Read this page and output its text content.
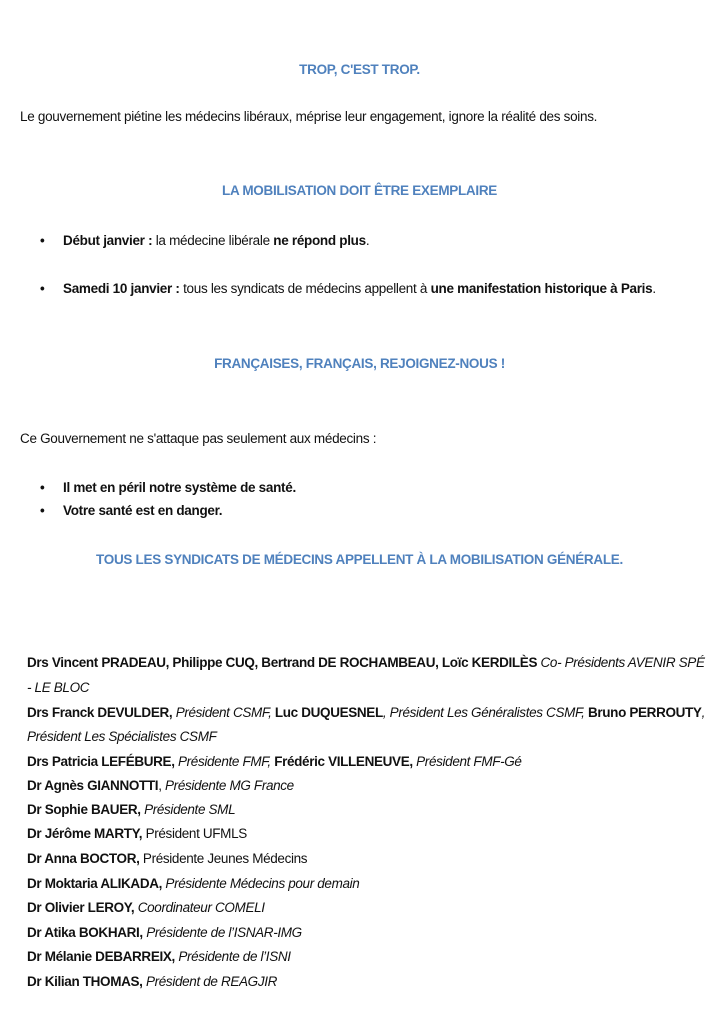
TROP, C'EST TROP.
Le gouvernement piétine les médecins libéraux, méprise leur engagement, ignore la réalité des soins.
LA MOBILISATION DOIT ÊTRE EXEMPLAIRE
• Début janvier : la médecine libérale ne répond plus.
• Samedi 10 janvier : tous les syndicats de médecins appellent à une manifestation historique à Paris.
FRANÇAISES, FRANÇAIS, REJOIGNEZ-NOUS !
Ce Gouvernement ne s'attaque pas seulement aux médecins :
• Il met en péril notre système de santé.
• Votre santé est en danger.
TOUS LES SYNDICATS DE MÉDECINS APPELLENT À LA MOBILISATION GÉNÉRALE.
Drs Vincent PRADEAU, Philippe CUQ, Bertrand DE ROCHAMBEAU, Loïc KERDILÈS Co- Présidents AVENIR SPÉ
- LE BLOC
Drs Franck DEVULDER, Président CSMF, Luc DUQUESNEL, Président Les Généralistes CSMF, Bruno PERROUTY,
Président Les Spécialistes CSMF
Drs Patricia LEFÉBURE, Présidente FMF, Frédéric VILLENEUVE, Président FMF-Gé
Dr Agnès GIANNOTTI, Présidente MG France
Dr Sophie BAUER, Présidente SML
Dr Jérôme MARTY, Président UFMLS
Dr Anna BOCTOR, Présidente Jeunes Médecins
Dr Moktaria ALIKADA, Présidente Médecins pour demain
Dr Olivier LEROY, Coordinateur COMELI
Dr Atika BOKHARI, Présidente de l’ISNAR-IMG
Dr Mélanie DEBARREIX, Présidente de l’ISNI
Dr Kilian THOMAS, Président de REAGJIR
